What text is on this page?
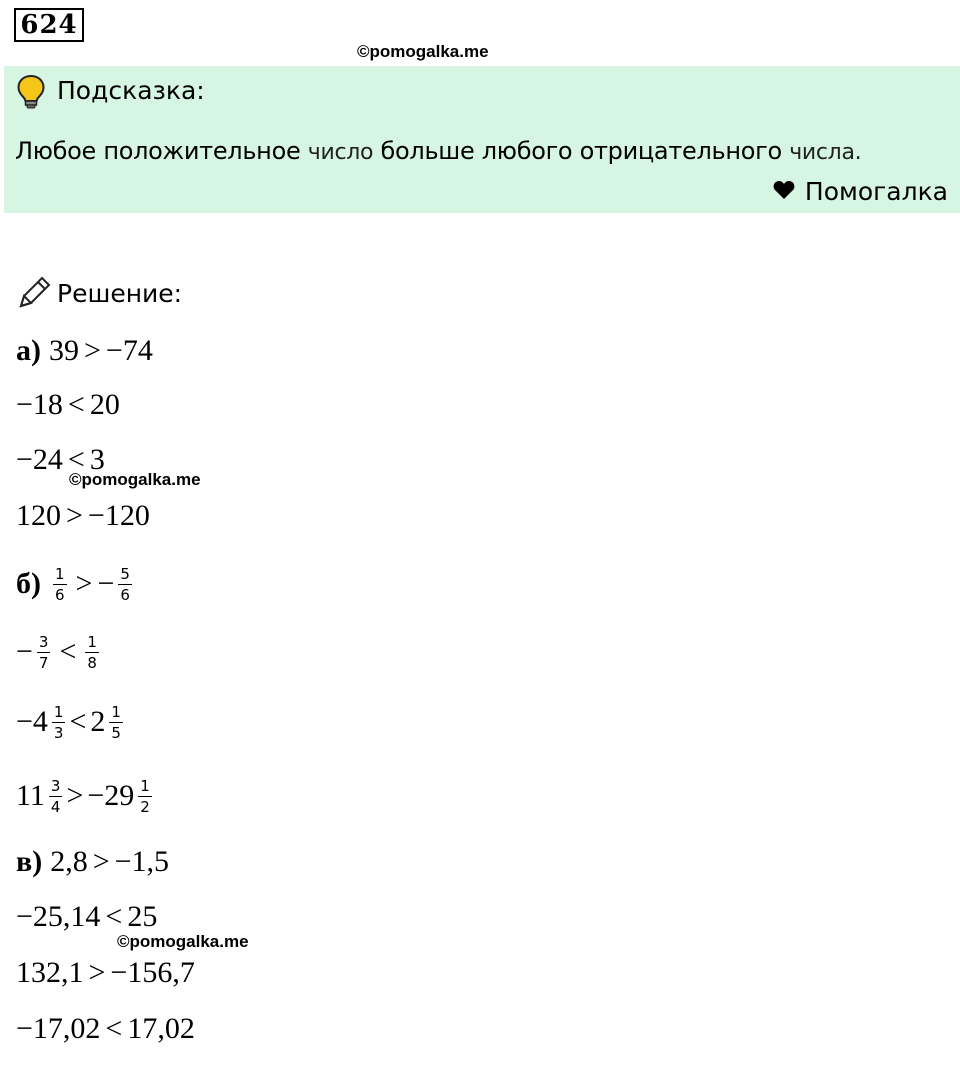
624
©pomogalka.me
Подсказка:
Любое положительное число больше любого отрицательного числа.
Помогалка
Решение:
а) 39 > −74
−18 < 20
−24 < 3
©pomogalka.me
120 > −120
$б) \frac{1}{6}$ > − $\frac{5}{6}$
− $\frac{3}{7} < \frac{1}{8}$
− $4 \frac{1}{3} < 2 \frac{1}{5}$
$11 \frac{3}{4}$ > − $29 \frac{1}{2}$
в) 2,8 > −1,5
−25,14 < 25
©pomogalka.me
132,1 > −156,7
−17,02 < 17,02
